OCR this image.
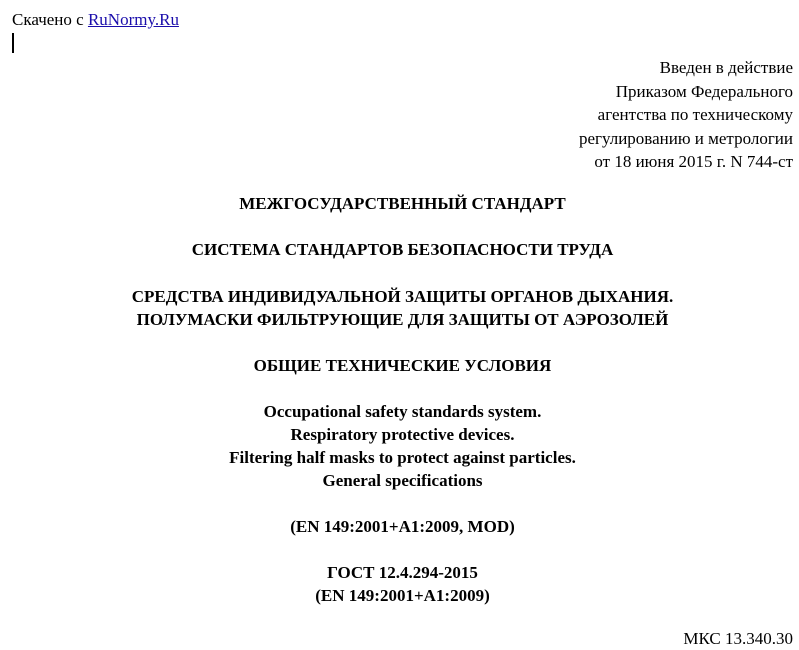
Скачено с RuNormy.Ru
Введен в действие
Приказом Федерального
агентства по техническому
регулированию и метрологии
от 18 июня 2015 г. N 744-ст
МЕЖГОСУДАРСТВЕННЫЙ СТАНДАРТ
СИСТЕМА СТАНДАРТОВ БЕЗОПАСНОСТИ ТРУДА
СРЕДСТВА ИНДИВИДУАЛЬНОЙ ЗАЩИТЫ ОРГАНОВ ДЫХАНИЯ.
ПОЛУМАСКИ ФИЛЬТРУЮЩИЕ ДЛЯ ЗАЩИТЫ ОТ АЭРОЗОЛЕЙ
ОБЩИЕ ТЕХНИЧЕСКИЕ УСЛОВИЯ
Occupational safety standards system.
Respiratory protective devices.
Filtering half masks to protect against particles.
General specifications
(EN 149:2001+A1:2009, MOD)
ГОСТ 12.4.294-2015
(EN 149:2001+A1:2009)
МКС 13.340.30
